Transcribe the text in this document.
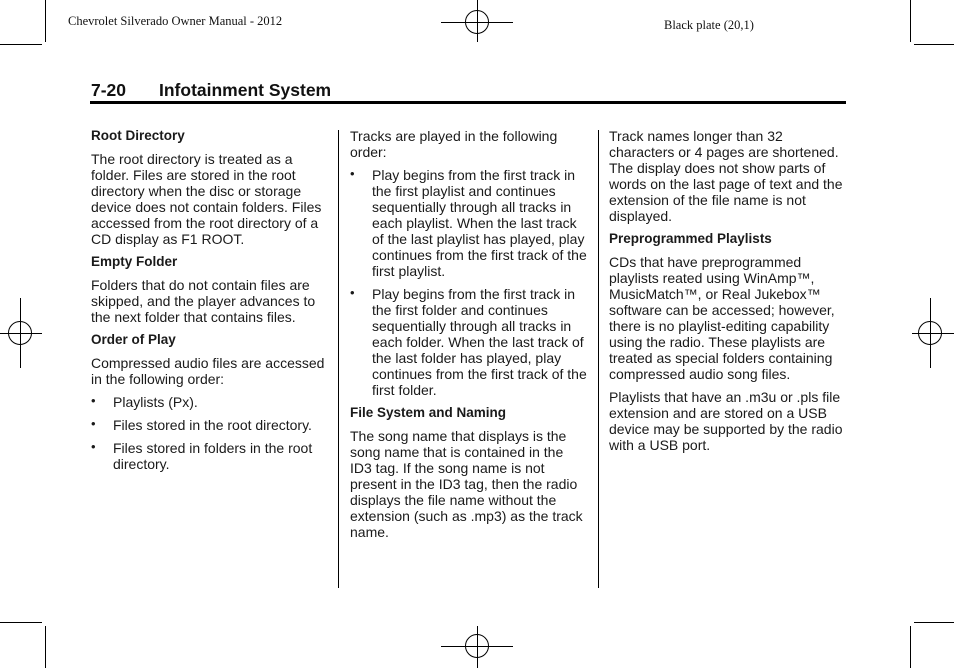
Chevrolet Silverado Owner Manual - 2012	Black plate (20,1)
7-20 Infotainment System
Root Directory

The root directory is treated as a folder. Files are stored in the root directory when the disc or storage device does not contain folders. Files accessed from the root directory of a CD display as F1 ROOT.

Empty Folder

Folders that do not contain files are skipped, and the player advances to the next folder that contains files.

Order of Play

Compressed audio files are accessed in the following order:

• Playlists (Px).
• Files stored in the root directory.
• Files stored in folders in the root directory.

Tracks are played in the following order:

• Play begins from the first track in the first playlist and continues sequentially through all tracks in each playlist. When the last track of the last playlist has played, play continues from the first track of the first playlist.
• Play begins from the first track in the first folder and continues sequentially through all tracks in each folder. When the last track of the last folder has played, play continues from the first track of the first folder.
File System and Naming

The song name that displays is the song name that is contained in the ID3 tag. If the song name is not present in the ID3 tag, then the radio displays the file name without the extension (such as .mp3) as the track name.

Track names longer than 32 characters or 4 pages are shortened. The display does not show parts of words on the last page of text and the extension of the file name is not displayed.

Preprogrammed Playlists

CDs that have preprogrammed playlists reated using WinAmp™, MusicMatch™, or Real Jukebox™ software can be accessed; however, there is no playlist-editing capability using the radio. These playlists are treated as special folders containing compressed audio song files.

Playlists that have an .m3u or .pls file extension and are stored on a USB device may be supported by the radio with a USB port.
